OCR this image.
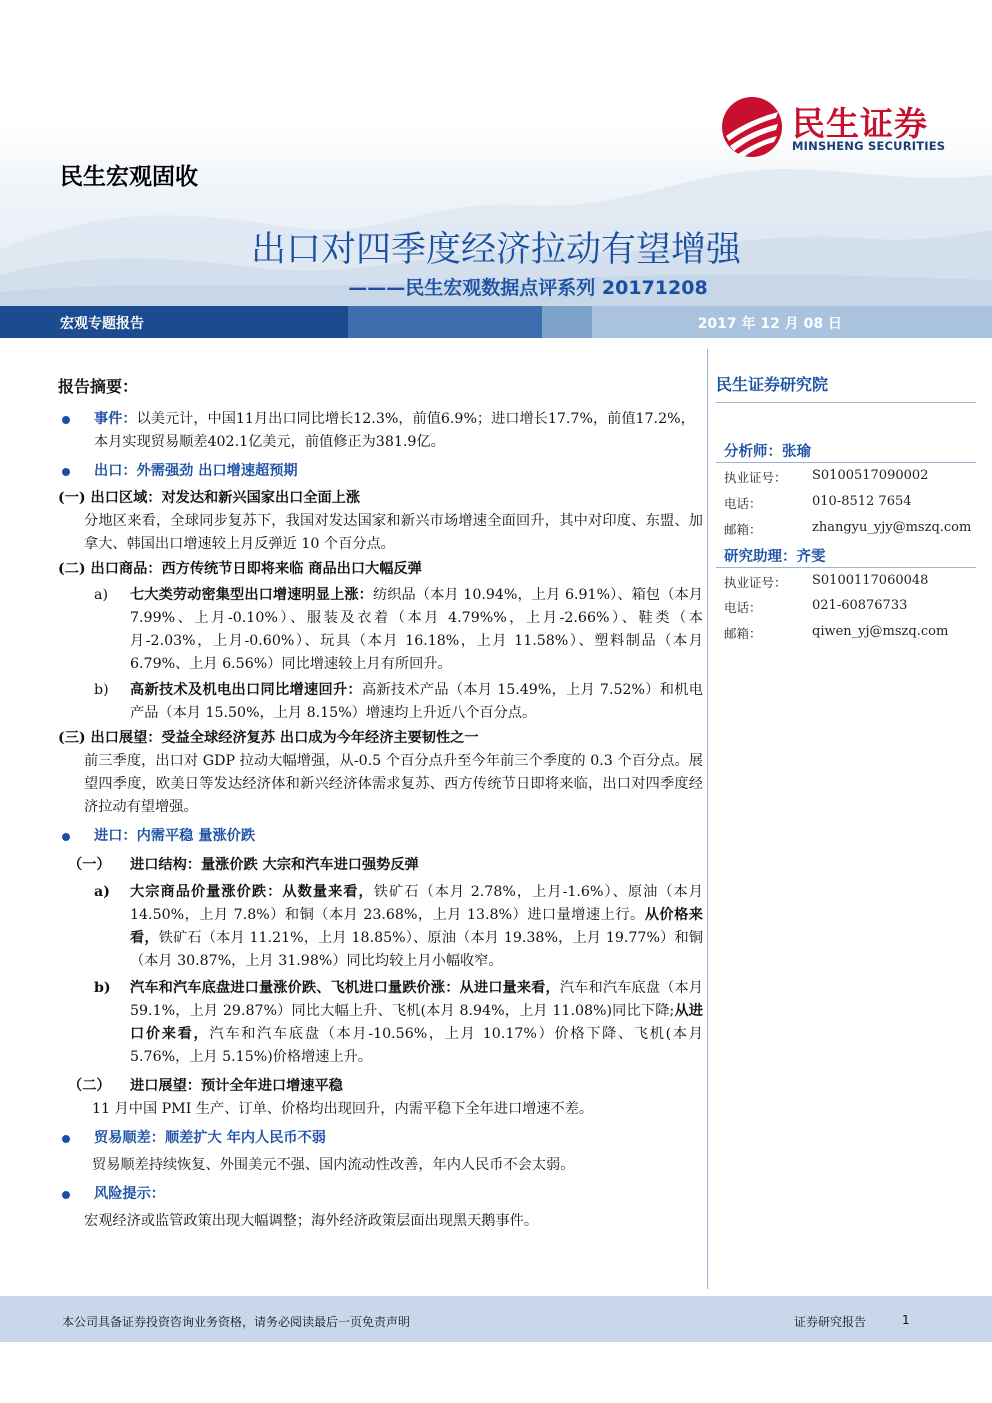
民生证券
MINSHENG SECURITIES
民生宏观固收
出口对四季度经济拉动有望增强
———民生宏观数据点评系列 20171208
宏观专题报告	2017 年 12 月 08 日
报告摘要：
事件：以美元计，中国11月出口同比增长12.3%，前值6.9%；进口增长17.7%，前值17.2%，本月实现贸易顺差402.1亿美元，前值修正为381.9亿。
出口：外需强劲 出口增速超预期
(一) 出口区域：对发达和新兴国家出口全面上涨
分地区来看，全球同步复苏下，我国对发达国家和新兴市场增速全面回升，其中对印度、东盟、加拿大、韩国出口增速较上月反弹近 10 个百分点。
(二) 出口商品：西方传统节日即将来临 商品出口大幅反弹
a) 七大类劳动密集型出口增速明显上涨：纺织品（本月 10.94%，上月 6.91%）、箱包（本月 7.99%、上月-0.10%）、服装及衣着（本月 4.79%%，上月-2.66%）、鞋类（本月-2.03%，上月-0.60%）、玩具（本月 16.18%，上月 11.58%）、塑料制品（本月 6.79%、上月 6.56%）同比增速较上月有所回升。
b) 高新技术及机电出口同比增速回升：高新技术产品（本月 15.49%，上月 7.52%）和机电产品（本月 15.50%，上月 8.15%）增速均上升近八个百分点。
(三) 出口展望：受益全球经济复苏 出口成为今年经济主要韧性之一
前三季度，出口对 GDP 拉动大幅增强，从-0.5 个百分点升至今年前三个季度的 0.3 个百分点。展望四季度，欧美日等发达经济体和新兴经济体需求复苏、西方传统节日即将来临，出口对四季度经济拉动有望增强。
进口：内需平稳 量涨价跌
（一） 进口结构：量涨价跌 大宗和汽车进口强势反弹
a) 大宗商品价量涨价跌：从数量来看，铁矿石（本月 2.78%，上月-1.6%）、原油（本月 14.50%，上月 7.8%）和铜（本月 23.68%，上月 13.8%）进口量增速上行。从价格来看，铁矿石（本月 11.21%，上月 18.85%）、原油（本月 19.38%，上月 19.77%）和铜（本月 30.87%，上月 31.98%）同比均较上月小幅收窄。
b) 汽车和汽车底盘进口量涨价跌、飞机进口量跌价涨：从进口量来看，汽车和汽车底盘（本月 59.1%，上月 29.87%）同比大幅上升、飞机(本月 8.94%，上月 11.08%)同比下降;从进口价来看，汽车和汽车底盘（本月-10.56%，上月 10.17%）价格下降、飞机(本月 5.76%，上月 5.15%)价格增速上升。
（二） 进口展望：预计全年进口增速平稳
11 月中国 PMI 生产、订单、价格均出现回升，内需平稳下全年进口增速不差。
贸易顺差：顺差扩大 年内人民币不弱
贸易顺差持续恢复、外围美元不强、国内流动性改善，年内人民币不会太弱。
风险提示：
宏观经济或监管政策出现大幅调整；海外经济政策层面出现黑天鹅事件。
民生证券研究院
分析师：张瑜
执业证号： S0100517090002
电话：	010-8512 7654
邮箱：	zhangyu_yjy@mszq.com
研究助理：齐雯
执业证号： S0100117060048
电话：	021-60876733
邮箱：	qiwen_yj@mszq.com
本公司具备证券投资咨询业务资格，请务必阅读最后一页免责声明	证券研究报告	1
